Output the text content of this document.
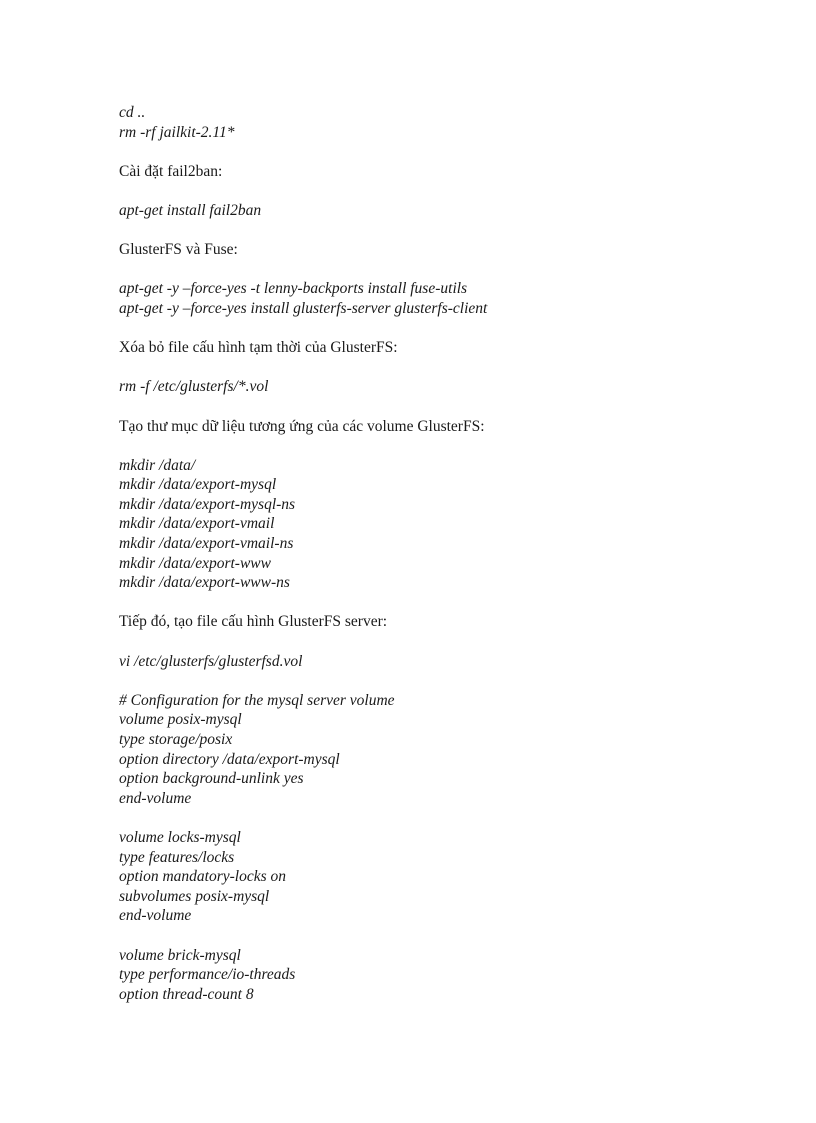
cd ..
rm -rf jailkit-2.11*
Cài đặt fail2ban:
apt-get install fail2ban
GlusterFS và Fuse:
apt-get -y –force-yes -t lenny-backports install fuse-utils
apt-get -y –force-yes install glusterfs-server glusterfs-client
Xóa bỏ file cấu hình tạm thời của GlusterFS:
rm -f /etc/glusterfs/*.vol
Tạo thư mục dữ liệu tương ứng của các volume GlusterFS:
mkdir /data/
mkdir /data/export-mysql
mkdir /data/export-mysql-ns
mkdir /data/export-vmail
mkdir /data/export-vmail-ns
mkdir /data/export-www
mkdir /data/export-www-ns
Tiếp đó, tạo file cấu hình GlusterFS server:
vi /etc/glusterfs/glusterfsd.vol
# Configuration for the mysql server volume
volume posix-mysql
type storage/posix
option directory /data/export-mysql
option background-unlink yes
end-volume
volume locks-mysql
type features/locks
option mandatory-locks on
subvolumes posix-mysql
end-volume
volume brick-mysql
type performance/io-threads
option thread-count 8
